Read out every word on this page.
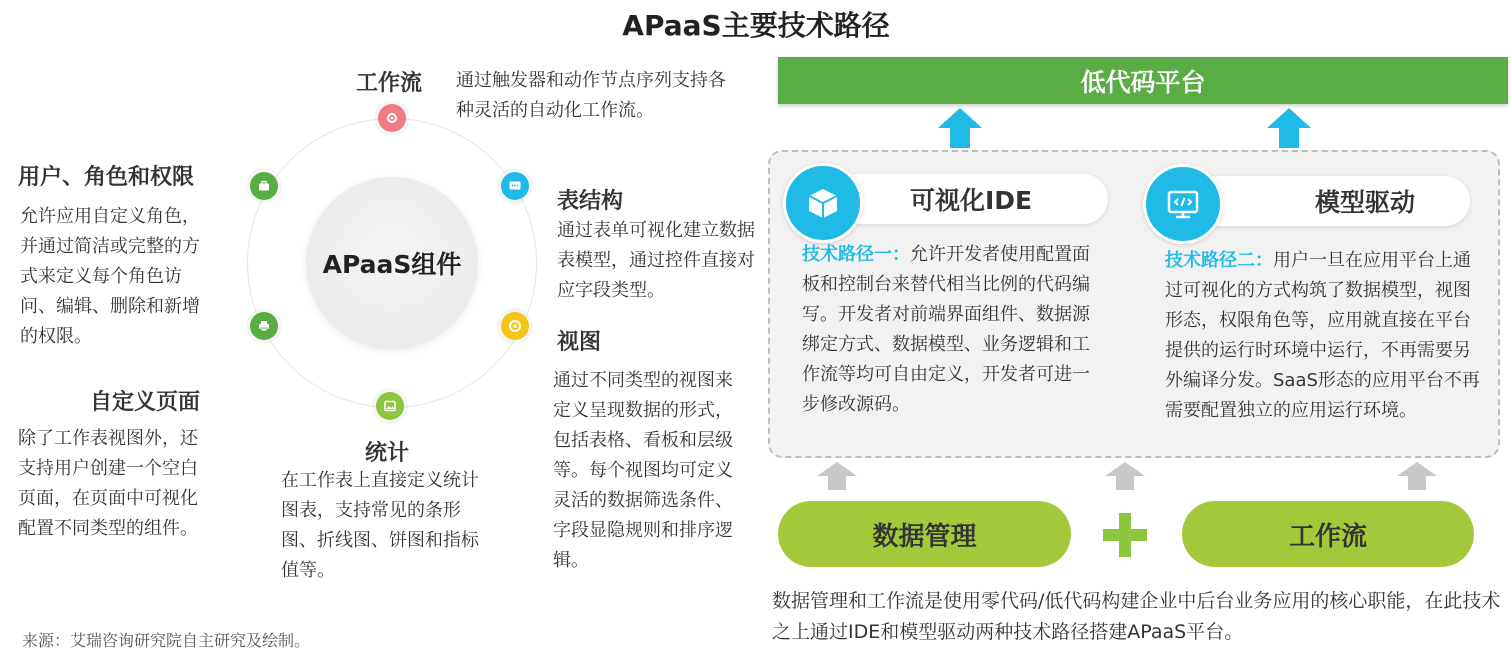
APaaS主要技术路径
APaaS组件
工作流 通过触发器和动作节点序列支持各种灵活的自动化工作流。
用户、角色和权限
允许应用自定义角色，并通过简洁或完整的方式来定义每个角色访问、编辑、删除和新增的权限。
表结构
通过表单可视化建立数据表模型，通过控件直接对应字段类型。
视图
通过不同类型的视图来定义呈现数据的形式，包括表格、看板和层级等。每个视图均可定义灵活的数据筛选条件、字段显隐规则和排序逻辑。
自定义页面
除了工作表视图外，还支持用户创建一个空白页面，在页面中可视化配置不同类型的组件。
统计
在工作表上直接定义统计图表，支持常见的条形图、折线图、饼图和指标值等。
低代码平台
可视化IDE
技术路径一：允许开发者使用配置面板和控制台来替代相当比例的代码编写。开发者对前端界面组件、数据源绑定方式、数据模型、业务逻辑和工作流等均可自由定义，开发者可进一步修改源码。
模型驱动
技术路径二：用户一旦在应用平台上通过可视化的方式构筑了数据模型，视图形态，权限角色等，应用就直接在平台提供的运行时环境中运行，不再需要另外编译分发。SaaS形态的应用平台不再需要配置独立的应用运行环境。
数据管理	工作流
数据管理和工作流是使用零代码/低代码构建企业中后台业务应用的核心职能，在此技术之上通过IDE和模型驱动两种技术路径搭建APaaS平台。
来源：艾瑞咨询研究院自主研究及绘制。
